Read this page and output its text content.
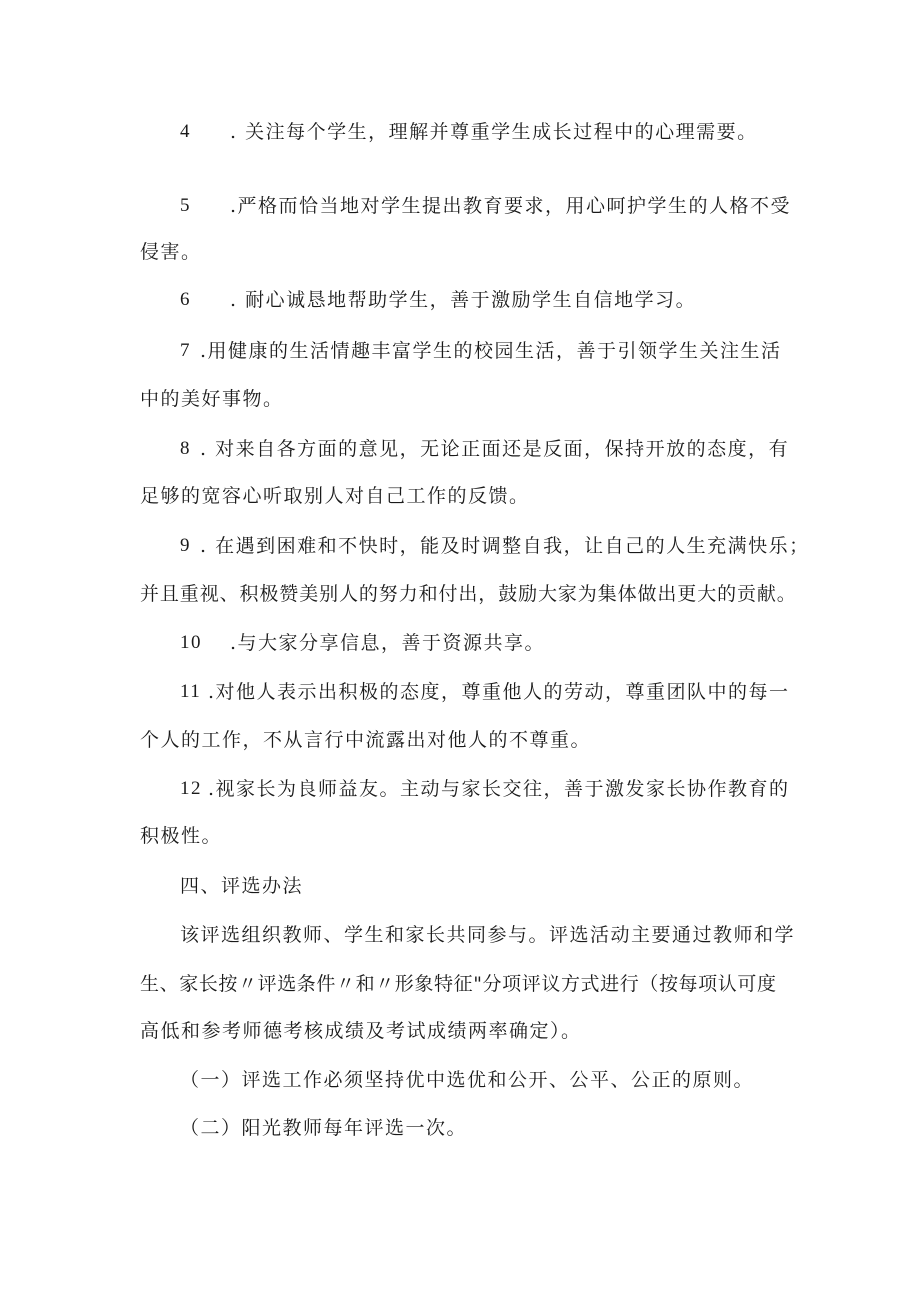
4 . 关注每个学生，理解并尊重学生成长过程中的心理需要。
5 .严格而恰当地对学生提出教育要求，用心呵护学生的人格不受
侵害。
6 . 耐心诚恳地帮助学生，善于激励学生自信地学习。
7 .用健康的生活情趣丰富学生的校园生活，善于引领学生关注生活
中的美好事物。
8 . 对来自各方面的意见，无论正面还是反面，保持开放的态度，有
足够的宽容心听取别人对自己工作的反馈。
9 . 在遇到困难和不快时，能及时调整自我，让自己的人生充满快乐；
并且重视、积极赞美别人的努力和付出，鼓励大家为集体做出更大的贡献。
10 .与大家分享信息，善于资源共享。
11 .对他人表示出积极的态度，尊重他人的劳动，尊重团队中的每一
个人的工作，不从言行中流露出对他人的不尊重。
12 .视家长为良师益友。主动与家长交往，善于激发家长协作教育的
积极性。
四、评选办法
该评选组织教师、学生和家长共同参与。评选活动主要通过教师和学
生、家长按〃评选条件〃和〃形象特征"分项评议方式进行（按每项认可度
高低和参考师德考核成绩及考试成绩两率确定）。
（一）评选工作必须坚持优中选优和公开、公平、公正的原则。
（二）阳光教师每年评选一次。
